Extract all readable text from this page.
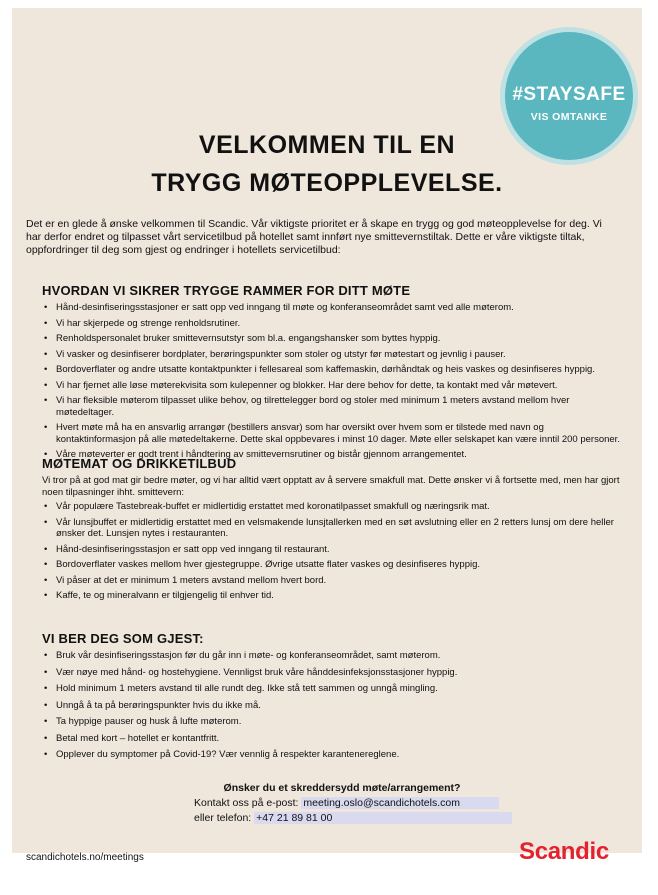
#STAYSAFE
VIS OMTANKE
VELKOMMEN TIL EN
TRYGG MØTEOPPLEVELSE.
Det er en glede å ønske velkommen til Scandic. Vår viktigste prioritet er å skape en trygg og god møteopplevelse for deg. Vi har derfor endret og tilpasset vårt servicetilbud på hotellet samt innført nye smittevernstiltak. Dette er våre viktigste tiltak, oppfordringer til deg som gjest og endringer i hotellets servicetilbud:
HVORDAN VI SIKRER TRYGGE RAMMER FOR DITT MØTE
• Hånd-desinfiseringsstasjoner er satt opp ved inngang til møte og konferanseområdet samt ved alle møterom.
• Vi har skjerpede og strenge renholdsrutiner.
• Renholdspersonalet bruker smittevernsutstyr som bl.a. engangshansker som byttes hyppig.
• Vi vasker og desinfiserer bordplater, berøringspunkter som stoler og utstyr før møtestart og jevnlig i pauser.
• Bordoverflater og andre utsatte kontaktpunkter i fellesareal som kaffemaskin, dørhåndtak og heis vaskes og desinfiseres hyppig.
• Vi har fjernet alle løse møterekvisita som kulepenner og blokker. Har dere behov for dette, ta kontakt med vår møtevert.
• Vi har fleksible møterom tilpasset ulike behov, og tilrettelegger bord og stoler med minimum 1 meters avstand mellom hver møtedeltager.
• Hvert møte må ha en ansvarlig arrangør (bestillers ansvar) som har oversikt over hvem som er tilstede med navn og kontaktinformasjon på alle møtedeltakerne. Dette skal oppbevares i minst 10 dager. Møte eller selskapet kan være inntil 200 personer.
• Våre møteverter er godt trent i håndtering av smittevernsrutiner og bistår gjennom arrangementet.
MØTEMAT OG DRIKKETILBUD

Vi tror på at god mat gir bedre møter, og vi har alltid vært opptatt av å servere smakfull mat. Dette ønsker vi å fortsette med, men har gjort noen tilpasninger ihht. smittevern:

• Vår populære Tastebreak-buffet er midlertidig erstattet med koronatilpasset smakfull og næringsrik mat.
• Vår lunsjbuffet er midlertidig erstattet med en velsmakende lunsjtallerken med en søt avslutning eller en 2 retters lunsj om dere heller ønsker det. Lunsjen nytes i restauranten.
• Hånd-desinfiseringsstasjon er satt opp ved inngang til restaurant.
• Bordoverflater vaskes mellom hver gjestegruppe. Øvrige utsatte flater vaskes og desinfiseres hyppig.
• Vi påser at det er minimum 1 meters avstand mellom hvert bord.
• Kaffe, te og mineralvann er tilgjengelig til enhver tid.
VI BER DEG SOM GJEST:
• Bruk vår desinfiseringsstasjon før du går inn i møte- og konferanseområdet, samt møterom.
• Vær nøye med hånd- og hostehygiene. Vennligst bruk våre hånddesinfeksjonsstasjoner hyppig.
• Hold minimum 1 meters avstand til alle rundt deg. Ikke stå tett sammen og unngå mingling.
• Unngå å ta på berøringspunkter hvis du ikke må.
• Ta hyppige pauser og husk å lufte møterom.
• Betal med kort – hotellet er kontantfritt.
• Opplever du symptomer på Covid-19? Vær vennlig å respekter karantenereglene.
Ønsker du et skreddersydd møte/arrangement?
Kontakt oss på e-post: meeting.oslo@scandichotels.com
eller telefon: +47 21 89 81 00
scandichotels.no/meetings	Scandic
